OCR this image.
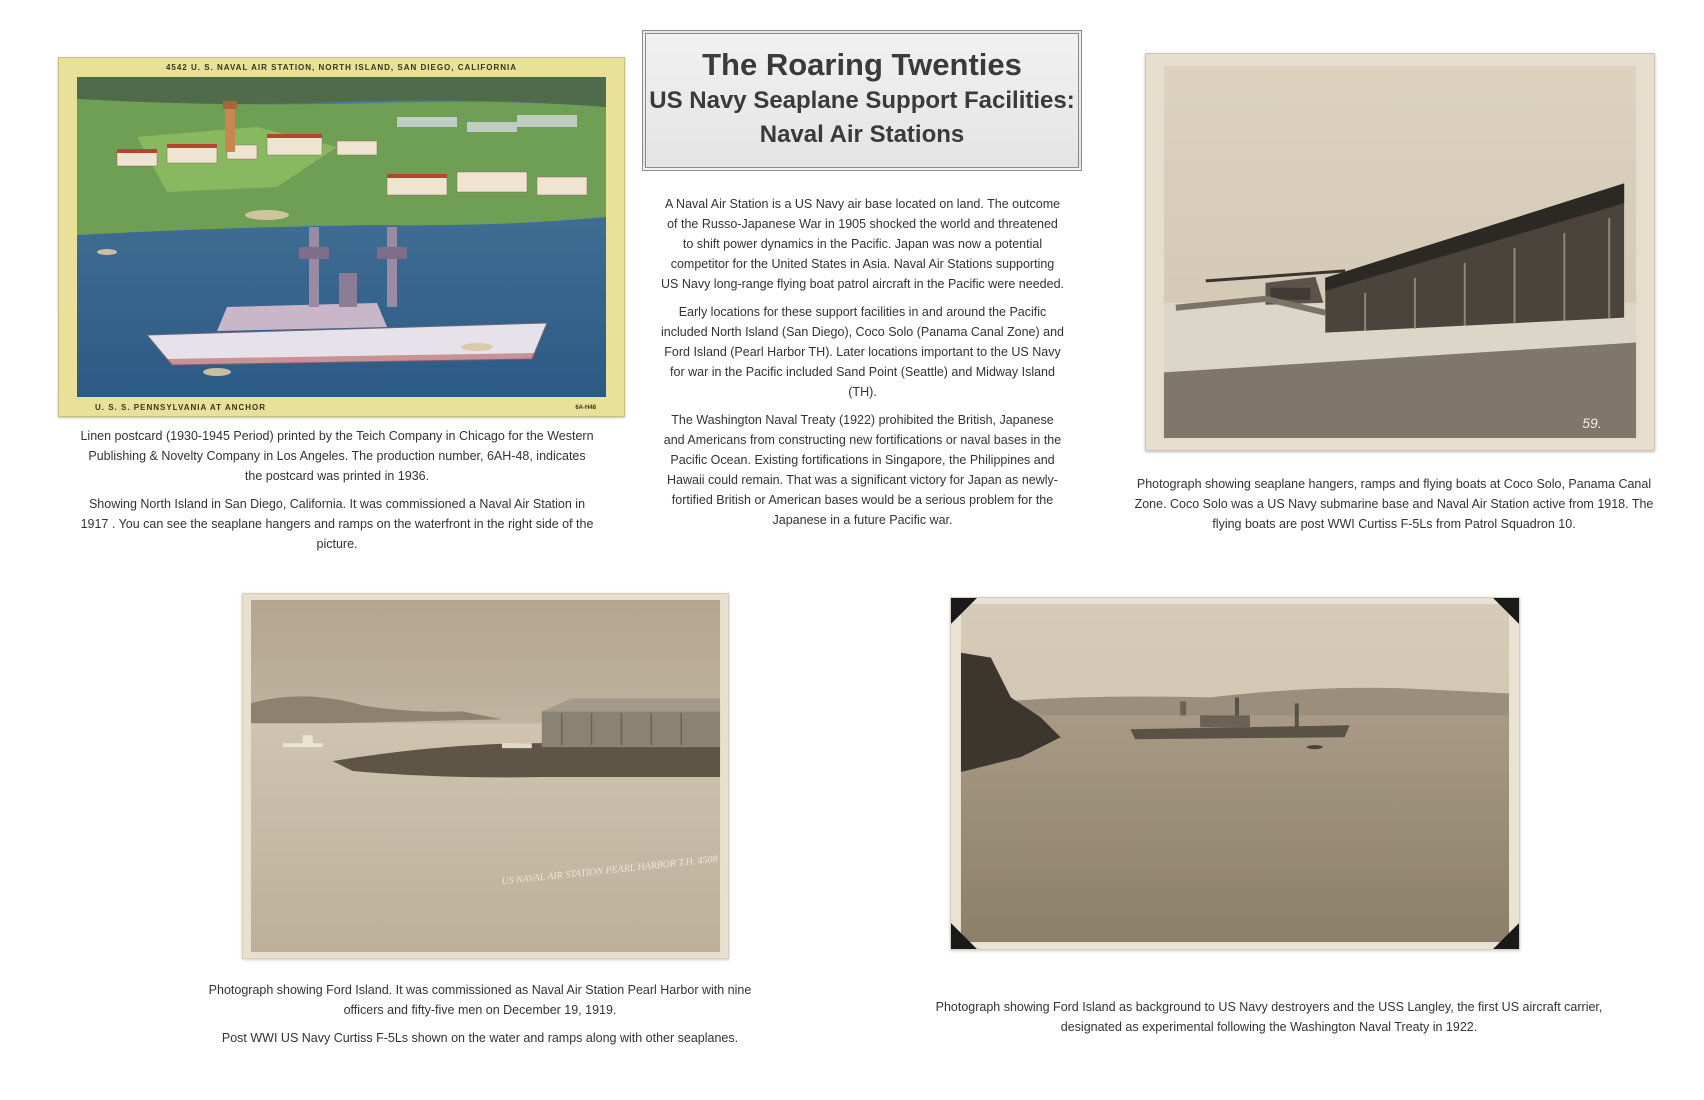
The Roaring Twenties
US Navy Seaplane Support Facilities:
Naval Air Stations
4542 U. S. NAVAL AIR STATION, NORTH ISLAND, SAN DIEGO, CALIFORNIA
U. S. S. PENNSYLVANIA AT ANCHOR	6A-H48

Linen postcard (1930-1945 Period) printed by the Teich Company in Chicago for the Western Publishing & Novelty Company in Los Angeles. The production number, 6AH-48, indicates the postcard was printed in 1936.

Showing North Island in San Diego, California. It was commissioned a Naval Air Station in 1917 . You can see the seaplane hangers and ramps on the waterfront in the right side of the picture.

A Naval Air Station is a US Navy air base located on land. The outcome of the Russo-Japanese War in 1905 shocked the world and threatened to shift power dynamics in the Pacific. Japan was now a potential competitor for the United States in Asia. Naval Air Stations supporting US Navy long-range flying boat patrol aircraft in the Pacific were needed.

Early locations for these support facilities in and around the Pacific included North Island (San Diego), Coco Solo (Panama Canal Zone) and Ford Island (Pearl Harbor TH). Later locations important to the US Navy for war in the Pacific included Sand Point (Seattle) and Midway Island (TH).

The Washington Naval Treaty (1922) prohibited the British, Japanese and Americans from constructing new fortifications or naval bases in the Pacific Ocean. Existing fortifications in Singapore, the Philippines and Hawaii could remain. That was a significant victory for Japan as newly-fortified British or American bases would be a serious problem for the Japanese in a future Pacific war.

59.
Photograph showing seaplane hangers, ramps and flying boats at Coco Solo, Panama Canal Zone. Coco Solo was a US Navy submarine base and Naval Air Station active from 1918. The flying boats are post WWI Curtiss F-5Ls from Patrol Squadron 10.
US NAVAL AIR STATION PEARL HARBOR T.H. 4508

Photograph showing Ford Island. It was commissioned as Naval Air Station Pearl Harbor with nine officers and fifty-five men on December 19, 1919.

Post WWI US Navy Curtiss F-5Ls shown on the water and ramps along with other seaplanes.

Photograph showing Ford Island as background to US Navy destroyers and the USS Langley, the first US aircraft carrier, designated as experimental following the Washington Naval Treaty in 1922.
